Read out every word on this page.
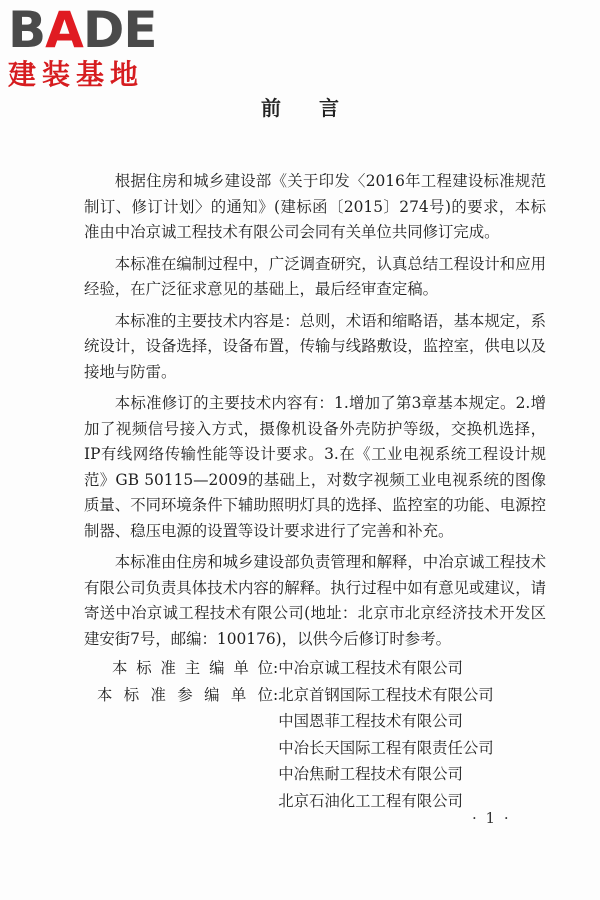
BADE
建装基地
前言

根据住房和城乡建设部《关于印发〈2016年工程建设标准规范制订、修订计划〉的通知》(建标函〔2015〕274号)的要求，本标准由中冶京诚工程技术有限公司会同有关单位共同修订完成。

本标准在编制过程中，广泛调查研究，认真总结工程设计和应用经验，在广泛征求意见的基础上，最后经审查定稿。

本标准的主要技术内容是：总则，术语和缩略语，基本规定，系统设计，设备选择，设备布置，传输与线路敷设，监控室，供电以及接地与防雷。

本标准修订的主要技术内容有：1.增加了第3章基本规定。2.增加了视频信号接入方式，摄像机设备外壳防护等级，交换机选择，IP有线网络传输性能等设计要求。3.在《工业电视系统工程设计规范》GB 50115—2009的基础上，对数字视频工业电视系统的图像质量、不同环境条件下辅助照明灯具的选择、监控室的功能、电源控制器、稳压电源的设置等设计要求进行了完善和补充。

本标准由住房和城乡建设部负责管理和解释，中冶京诚工程技术有限公司负责具体技术内容的解释。执行过程中如有意见或建议，请寄送中冶京诚工程技术有限公司(地址：北京市北京经济技术开发区建安街7号，邮编：100176)，以供今后修订时参考。

本标准主编单位 : 中冶京诚工程技术有限公司
本标准参编单位 : 北京首钢国际工程技术有限公司
中国恩菲工程技术有限公司
中冶长天国际工程有限责任公司
中冶焦耐工程技术有限公司
北京石油化工工程有限公司
· 1 ·
